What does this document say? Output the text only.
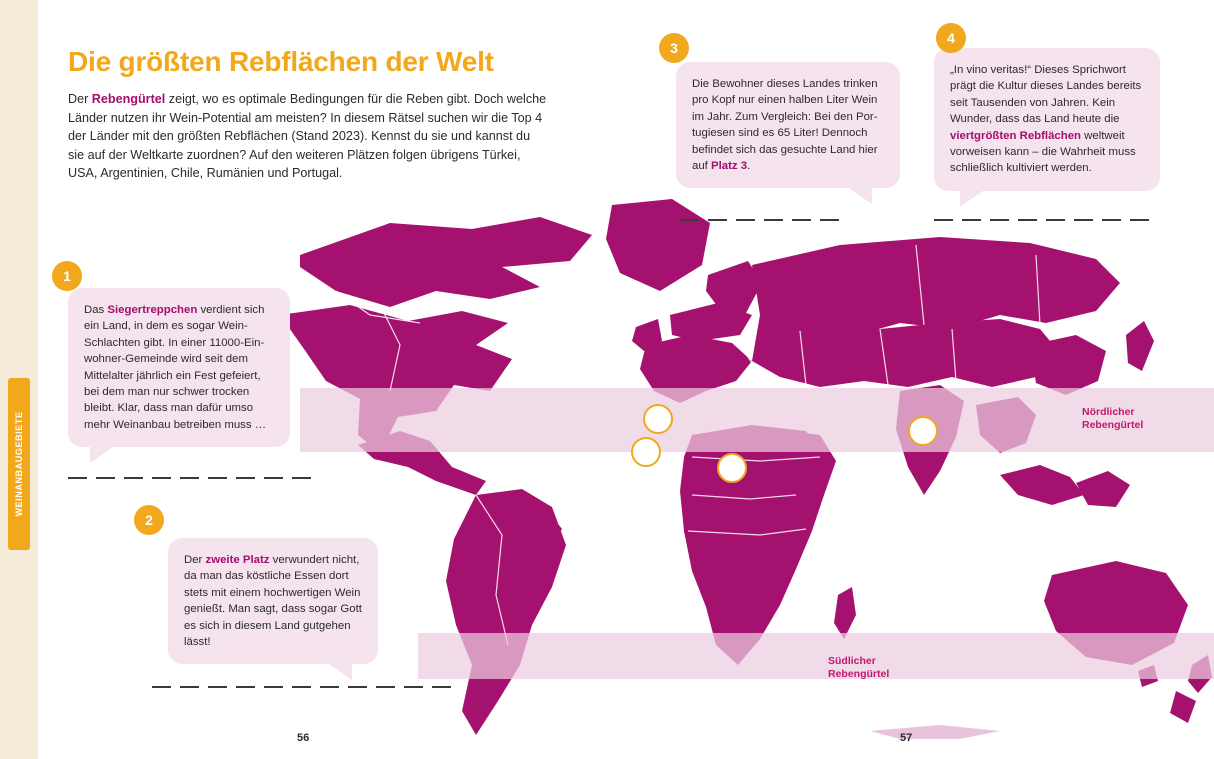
WEINANBAUGEBIETE
Die größten Rebflächen der Welt
Der Rebengürtel zeigt, wo es optimale Bedingungen für die Reben gibt. Doch welche Länder nutzen ihr Wein-Potential am meisten? In diesem Rätsel suchen wir die Top 4 der Länder mit den größten Rebflächen (Stand 2023). Kennst du sie und kannst du sie auf der Weltkarte zuordnen? Auf den weiteren Plätzen folgen übrigens Türkei, USA, Argentinien, Chile, Rumänien und Portugal.
Nördlicher
Rebengürtel
Südlicher
Rebengürtel
1
Das Siegertreppchen verdient sich ein Land, in dem es sogar Wein-Schlachten gibt. In einer 11000-Einwohner-Gemeinde wird seit dem Mittelalter jährlich ein Fest gefeiert, bei dem man nur schwer trocken bleibt. Klar, dass man dafür umso mehr Weinanbau betreiben muss …
2
Der zweite Platz verwundert nicht, da man das köstliche Essen dort stets mit einem hochwertigen Wein genießt. Man sagt, dass sogar Gott es sich in diesem Land gutgehen lässt!
3
Die Bewohner dieses Landes trinken pro Kopf nur einen halben Liter Wein im Jahr. Zum Vergleich: Bei den Portugiesen sind es 65 Liter! Dennoch befindet sich das gesuchte Land hier auf Platz 3.
4
„In vino veritas!“ Dieses Sprichwort prägt die Kultur dieses Landes bereits seit Tausenden von Jahren. Kein Wunder, dass das Land heute die viertgrößten Rebflächen weltweit vorweisen kann – die Wahrheit muss schließlich kultiviert werden.
56	57
